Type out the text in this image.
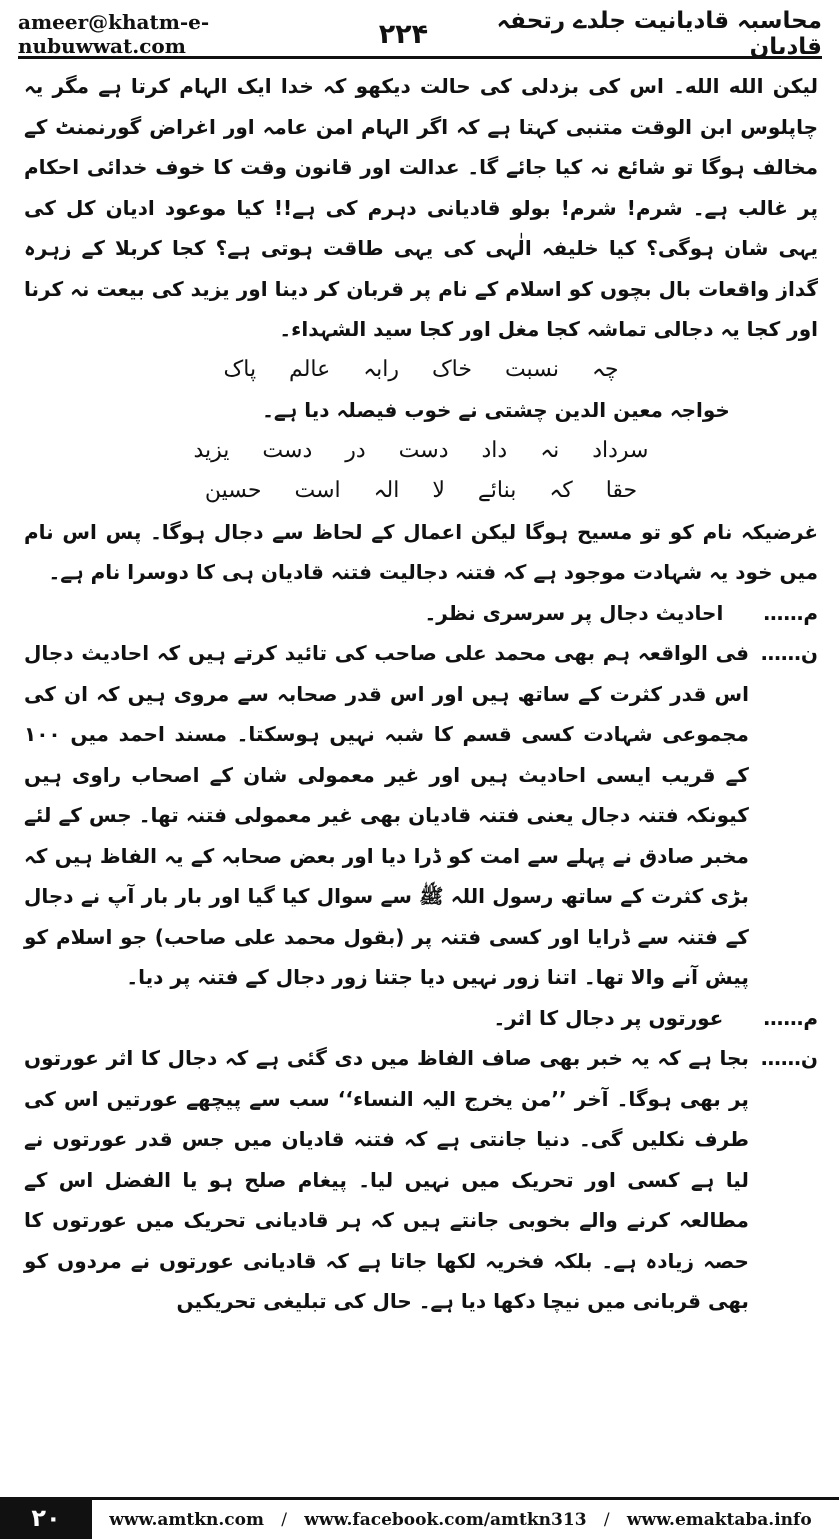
ameer@khatm-e-nubuwwat.com	۲۲۴	محاسبہ قادیانیت جلدے رتحفہ قادیان

لیکن الله الله۔ اس کی بزدلی کی حالت دیکھو کہ خدا ایک الہام کرتا ہے مگر یہ چاپلوس ابن الوقت متنبی کہتا ہے کہ اگر الہام امن عامہ اور اغراض گورنمنٹ کے مخالف ہوگا تو شائع نہ کیا جائے گا۔ عدالت اور قانون وقت کا خوف خدائی احکام پر غالب ہے۔ شرم! شرم! بولو قادیانی دہرم کی ہے!! کیا موعود ادیان کل کی یہی شان ہوگی؟ کیا خلیفہ الٰہی کی یہی طاقت ہوتی ہے؟ کجا کربلا کے زہرہ گداز واقعات بال بچوں کو اسلام کے نام پر قربان کر دینا اور یزید کی بیعت نہ کرنا اور کجا یہ دجالی تماشہ کجا مغل اور کجا سید الشہداء۔

چہ نسبت خاک رابہ عالم پاک

خواجہ معین الدین چشتی نے خوب فیصلہ دیا ہے۔

سرداد نہ داد دست در دست یزید

حقا کہ بنائے لا الہ است حسین

غرضیکہ نام کو تو مسیح ہوگا لیکن اعمال کے لحاظ سے دجال ہوگا۔ پس اس نام میں خود یہ شہادت موجود ہے کہ فتنہ دجالیت فتنہ قادیان ہی کا دوسرا نام ہے۔

م……
احادیث دجال پر سرسری نظر۔
ن……
فی الواقعہ ہم بھی محمد علی صاحب کی تائید کرتے ہیں کہ احادیث دجال اس قدر کثرت کے ساتھ ہیں اور اس قدر صحابہ سے مروی ہیں کہ ان کی مجموعی شہادت کسی قسم کا شبہ نہیں ہوسکتا۔ مسند احمد میں ۱۰۰ کے قریب ایسی احادیث ہیں اور غیر معمولی شان کے اصحاب راوی ہیں کیونکہ فتنہ دجال یعنی فتنہ قادیان بھی غیر معمولی فتنہ تھا۔ جس کے لئے مخبر صادق نے پہلے سے امت کو ڈرا دیا اور بعض صحابہ کے یہ الفاظ ہیں کہ بڑی کثرت کے ساتھ رسول اللہ ﷺ سے سوال کیا گیا اور بار بار آپ نے دجال کے فتنہ سے ڈرایا اور کسی فتنہ پر (بقول محمد علی صاحب) جو اسلام کو پیش آنے والا تھا۔ اتنا زور نہیں دیا جتنا زور دجال کے فتنہ پر دیا۔
م……
عورتوں پر دجال کا اثر۔
ن……
بجا ہے کہ یہ خبر بھی صاف الفاظ میں دی گئی ہے کہ دجال کا اثر عورتوں پر بھی ہوگا۔ آخر ’’من یخرج الیہ النساء‘‘ سب سے پیچھے عورتیں اس کی طرف نکلیں گی۔ دنیا جانتی ہے کہ فتنہ قادیان میں جس قدر عورتوں نے لیا ہے کسی اور تحریک میں نہیں لیا۔ پیغام صلح ہو یا الفضل اس کے مطالعہ کرنے والے بخوبی جانتے ہیں کہ ہر قادیانی تحریک میں عورتوں کا حصہ زیادہ ہے۔ بلکہ فخریہ لکھا جاتا ہے کہ قادیانی عورتوں نے مردوں کو بھی قربانی میں نیچا دکھا دیا ہے۔ حال کی تبلیغی تحریکیں
۲۰	www.amtkn.com / www.facebook.com/amtkn313 / www.emaktaba.info
